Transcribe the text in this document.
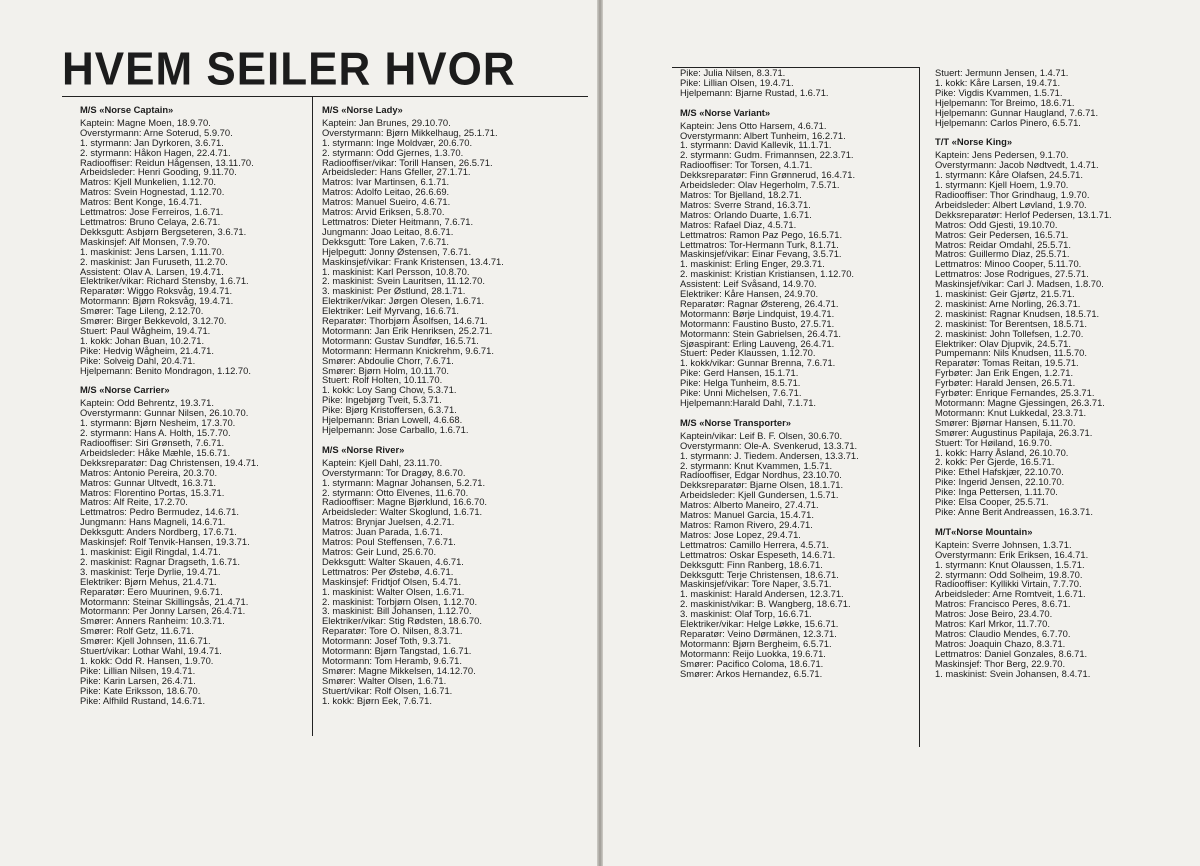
HVEM SEILER HVOR
M/S «Norse Captain»
Kaptein: Magne Moen, 18.9.70.
Overstyrmann: Arne Soterud, 5.9.70.
1. styrmann: Jan Dyrkoren, 3.6.71.
2. styrmann: Håkon Hagen, 22.4.71.
Radiooffiser: Reidun Hågensen, 13.11.70.
Arbeidsleder: Henri Gooding, 9.11.70.
Matros: Kjell Munkelien, 1.12.70.
Matros: Svein Hognestad, 1.12.70.
Matros: Bent Konge, 16.4.71.
Lettmatros: Jose Ferreiros, 1.6.71.
Lettmatros: Bruno Celaya, 2.6.71.
Dekksgutt: Asbjørn Bergseteren, 3.6.71.
Maskinsjef: Alf Monsen, 7.9.70.
1. maskinist: Jens Larsen, 1.11.70.
2. maskinist: Jan Furuseth, 11.2.70.
Assistent: Olav A. Larsen, 19.4.71.
Elektriker/vikar: Richard Stensby, 1.6.71.
Reparatør: Wiggo Roksvåg, 19.4.71.
Motormann: Bjørn Roksvåg, 19.4.71.
Smører: Tage Lileng, 2.12.70.
Smører: Birger Bekkevold, 3.12.70.
Stuert: Paul Wågheim, 19.4.71.
1. kokk: Johan Buan, 10.2.71.
Pike: Hedvig Wågheim, 21.4.71.
Pike: Solveig Dahl, 20.4.71.
Hjelpemann: Benito Mondragon, 1.12.70.
M/S «Norse Carrier»
Kaptein: Odd Behrentz, 19.3.71.
Overstyrmann: Gunnar Nilsen, 26.10.70.
1. styrmann: Bjørn Nesheim, 17.3.70.
2. styrmann: Hans A. Holth, 15.7.70.
Radiooffiser: Siri Grønseth, 7.6.71.
Arbeidsleder: Håke Mæhle, 15.6.71.
Dekksreparatør: Dag Christensen, 19.4.71.
Matros: Antonio Pereira, 20.3.70.
Matros: Gunnar Ultvedt, 16.3.71.
Matros: Florentino Portas, 15.3.71.
Matros: Alf Reite, 17.2.70.
Lettmatros: Pedro Bermudez, 14.6.71.
Jungmann: Hans Magneli, 14.6.71.
Dekksgutt: Anders Nordberg, 17.6.71.
Maskinsjef: Rolf Tenvik-Hansen, 19.3.71.
1. maskinist: Eigil Ringdal, 1.4.71.
2. maskinist: Ragnar Dragseth, 1.6.71.
3. maskinist: Terje Dyrlie, 19.4.71.
Elektriker: Bjørn Mehus, 21.4.71.
Reparatør: Eero Muurinen, 9.6.71.
Motormann: Steinar Skillingsås, 21.4.71.
Motormann: Per Jonny Larsen, 26.4.71.
Smører: Anners Ranheim: 10.3.71.
Smører: Rolf Getz, 11.6.71.
Smører: Kjell Johnsen, 11.6.71.
Stuert/vikar: Lothar Wahl, 19.4.71.
1. kokk: Odd R. Hansen, 1.9.70.
Pike: Lillian Nilsen, 19.4.71.
Pike: Karin Larsen, 26.4.71.
Pike: Kate Eriksson, 18.6.70.
Pike: Alfhild Rustand, 14.6.71.
M/S «Norse Lady»
Kaptein: Jan Brunes, 29.10.70.
Overstyrmann: Bjørn Mikkelhaug, 25.1.71.
1. styrmann: Inge Moldvær, 20.6.70.
2. styrmann: Odd Gjernes, 1.3.70.
Radiooffiser/vikar: Torill Hansen, 26.5.71.
Arbeidsleder: Hans Gfeller, 27.1.71.
Matros: Ivar Martinsen, 6.1.71.
Matros: Adolfo Leitao, 26.6.69.
Matros: Manuel Sueiro, 4.6.71.
Matros: Arvid Eriksen, 5.8.70.
Lettmatros: Dieter Heitmann, 7.6.71.
Jungmann: Joao Leitao, 8.6.71.
Dekksgutt: Tore Laken, 7.6.71.
Hjelpegutt: Jonny Østensen, 7.6.71.
Maskinsjef/vikar: Frank Kristensen, 13.4.71.
1. maskinist: Karl Persson, 10.8.70.
2. maskinist: Svein Lauritsen, 11.12.70.
3. maskinist: Per Østlund, 28.1.71.
Elektriker/vikar: Jørgen Olesen, 1.6.71.
Elektriker: Leif Myrvang, 16.6.71.
Reparatør: Thorbjørn Åsolfsen, 14.6.71.
Motormann: Jan Erik Henriksen, 25.2.71.
Motormann: Gustav Sundfør, 16.5.71.
Motormann: Hermann Knickrehm, 9.6.71.
Smører: Abdoulie Chorr, 7.6.71.
Smører: Bjørn Holm, 10.11.70.
Stuert: Rolf Holten, 10.11.70.
1. kokk: Loy Sang Chow, 5.3.71.
Pike: Ingebjørg Tveit, 5.3.71.
Pike: Bjørg Kristoffersen, 6.3.71.
Hjelpemann: Brian Lowell, 4.6.68.
Hjelpemann: Jose Carballo, 1.6.71.
M/S «Norse River»
Kaptein: Kjell Dahl, 23.11.70.
Overstyrmann: Tor Dragøy, 8.6.70.
1. styrmann: Magnar Johansen, 5.2.71.
2. styrmann: Otto Elvenes, 11.6.70.
Radiooffiser: Magne Bjørklund, 16.6.70.
Arbeidsleder: Walter Skoglund, 1.6.71.
Matros: Brynjar Juelsen, 4.2.71.
Matros: Juan Parada, 1.6.71.
Matros: Poul Steffensen, 7.6.71.
Matros: Geir Lund, 25.6.70.
Dekksgutt: Walter Skauen, 4.6.71.
Lettmatros: Per Østebø, 4.6.71.
Maskinsjef: Fridtjof Olsen, 5.4.71.
1. maskinist: Walter Olsen, 1.6.71.
2. maskinist: Torbjørn Olsen, 1.12.70.
3. maskinist: Bill Johansen, 1.12.70.
Elektriker/vikar: Stig Rødsten, 18.6.70.
Reparatør: Tore O. Nilsen, 8.3.71.
Motormann: Josef Toth, 9.3.71.
Motormann: Bjørn Tangstad, 1.6.71.
Motormann: Tom Heramb, 9.6.71.
Smører: Magne Mikkelsen, 14.12.70.
Smører: Walter Olsen, 1.6.71.
Stuert/vikar: Rolf Olsen, 1.6.71.
1. kokk: Bjørn Eek, 7.6.71.
Pike: Julia Nilsen, 8.3.71.
Pike: Lillian Olsen, 19.4.71.
Hjelpemann: Bjarne Rustad, 1.6.71.
M/S «Norse Variant»
Kaptein: Jens Otto Harsem, 4.6.71.
Overstyrmann: Albert Tunheim, 16.2.71.
1. styrmann: David Kallevik, 11.1.71.
2. styrmann: Gudm. Frimannsen, 22.3.71.
Radiooffiser: Tor Torsen, 4.1.71.
Dekksreparatør: Finn Grønnerud, 16.4.71.
Arbeidsleder: Olav Hegerholm, 7.5.71.
Matros: Tor Bjelland, 18.2.71.
Matros: Sverre Strand, 16.3.71.
Matros: Orlando Duarte, 1.6.71.
Matros: Rafael Diaz, 4.5.71.
Lettmatros: Ramon Paz Pego, 16.5.71.
Lettmatros: Tor-Hermann Turk, 8.1.71.
Maskinsjef/vikar: Einar Fevang, 3.5.71.
1. maskinist: Erling Enger, 29.3.71.
2. maskinist: Kristian Kristiansen, 1.12.70.
Assistent: Leif Svåsand, 14.9.70.
Elektriker: Kåre Hansen, 24.9.70.
Reparatør: Ragnar Østereng, 26.4.71.
Motormann: Børje Lindquist, 19.4.71.
Motormann: Faustino Busto, 27.5.71.
Motormann: Stein Gabrielsen, 26.4.71.
Sjøaspirant: Erling Lauveng, 26.4.71.
Stuert: Peder Klaussen, 1.12.70.
1. kokk/vikar: Gunnar Brenna, 7.6.71.
Pike: Gerd Hansen, 15.1.71.
Pike: Helga Tunheim, 8.5.71.
Pike: Unni Michelsen, 7.6.71.
Hjelpemann:Harald Dahl, 7.1.71.
M/S «Norse Transporter»
Kaptein/vikar: Leif B. F. Olsen, 30.6.70.
Overstyrmann: Ole-A. Svenkerud, 13.3.71.
1. styrmann: J. Tiedem. Andersen, 13.3.71.
2. styrmann: Knut Kvammen, 1.5.71.
Radiooffiser, Edgar Nordhus, 23.10.70.
Dekksreparatør: Bjarne Olsen, 18.1.71.
Arbeidsleder: Kjell Gundersen, 1.5.71.
Matros: Alberto Maneiro, 27.4.71.
Matros: Manuel Garcia, 15.4.71.
Matros: Ramon Rivero, 29.4.71.
Matros: Jose Lopez, 29.4.71.
Lettmatros: Camillo Herrera, 4.5.71.
Lettmatros: Oskar Espeseth, 14.6.71.
Dekksgutt: Finn Ranberg, 18.6.71.
Dekksgutt: Terje Christensen, 18.6.71.
Maskinsjef/vikar: Tore Naper, 3.5.71.
1. maskinist: Harald Andersen, 12.3.71.
2. maskinist/vikar: B. Wangberg, 18.6.71.
3. maskinist: Olaf Torp, 16.6.71.
Elektriker/vikar: Helge Løkke, 15.6.71.
Reparatør: Veino Dørmänen, 12.3.71.
Motormann: Bjørn Bergheim, 6.5.71.
Motormann: Reijo Luokka, 19.6.71.
Smører: Pacifico Coloma, 18.6.71.
Smører: Arkos Hernandez, 6.5.71.
Stuert: Jermunn Jensen, 1.4.71.
1. kokk: Kåre Larsen, 19.4.71.
Pike: Vigdis Kvammen, 1.5.71.
Hjelpemann: Tor Breimo, 18.6.71.
Hjelpemann: Gunnar Haugland, 7.6.71.
Hjelpemann: Carlos Pinero, 6.5.71.
T/T «Norse King»
Kaptein: Jens Pedersen, 9.1.70.
Overstyrmann: Jacob Nødtvedt, 1.4.71.
1. styrmann: Kåre Olafsen, 24.5.71.
1. styrmann: Kjell Hoem, 1.9.70.
Radiooffiser: Thor Grindhaug, 1.9.70.
Arbeidsleder: Albert Løvland, 1.9.70.
Dekksreparatør: Herlof Pedersen, 13.1.71.
Matros: Odd Gjesti, 19.10.70.
Matros: Geir Pedersen, 16.5.71.
Matros: Reidar Omdahl, 25.5.71.
Matros: Guillermo Diaz, 25.5.71.
Lettmatros: Minoo Cooper, 5.11.70.
Lettmatros: Jose Rodrigues, 27.5.71.
Maskinsjef/vikar: Carl J. Madsen, 1.8.70.
1. maskinist: Geir Gjørtz, 21.5.71.
2. maskinist: Arne Norling, 26.3.71.
2. maskinist: Ragnar Knudsen, 18.5.71.
2. maskinist: Tor Berentsen, 18.5.71.
2. maskinist: John Tollefsen, 1.2.70.
Elektriker: Olav Djupvik, 24.5.71.
Pumpemann: Nils Knudsen, 11.5.70.
Reparatør: Tomas Reitan, 19.5.71.
Fyrbøter: Jan Erik Engen, 1.2.71.
Fyrbøter: Harald Jensen, 26.5.71.
Fyrbøter: Enrique Fernandes, 25.3.71.
Motormann: Magne Gjessingen, 26.3.71.
Motormann: Knut Lukkedal, 23.3.71.
Smører: Bjørnar Hansen, 5.11.70.
Smører: Augustinus Papilaja, 26.3.71.
Stuert: Tor Høiland, 16.9.70.
1. kokk: Harry Åsland, 26.10.70.
2. kokk: Per Gjerde, 16.5.71.
Pike: Ethel Hafskjær, 22.10.70.
Pike: Ingerid Jensen, 22.10.70.
Pike: Inga Pettersen, 1.11.70.
Pike: Elsa Cooper, 25.5.71.
Pike: Anne Berit Andreassen, 16.3.71.
M/T«Norse Mountain»
Kaptein: Sverre Johnsen, 1.3.71.
Overstyrmann: Erik Eriksen, 16.4.71.
1. styrmann: Knut Olaussen, 1.5.71.
2. styrmann: Odd Solheim, 19.8.70.
Radiooffiser: Kyllikki Virtain, 7.7.70.
Arbeidsleder: Arne Romtveit, 1.6.71.
Matros: Francisco Peres, 8.6.71.
Matros: Jose Beiro, 23.4.70.
Matros: Karl Mrkor, 11.7.70.
Matros: Claudio Mendes, 6.7.70.
Matros: Joaquin Chazo, 8.3.71.
Lettmatros: Daniel Gonzales, 8.6.71.
Maskinsjef: Thor Berg, 22.9.70.
1. maskinist: Svein Johansen, 8.4.71.
